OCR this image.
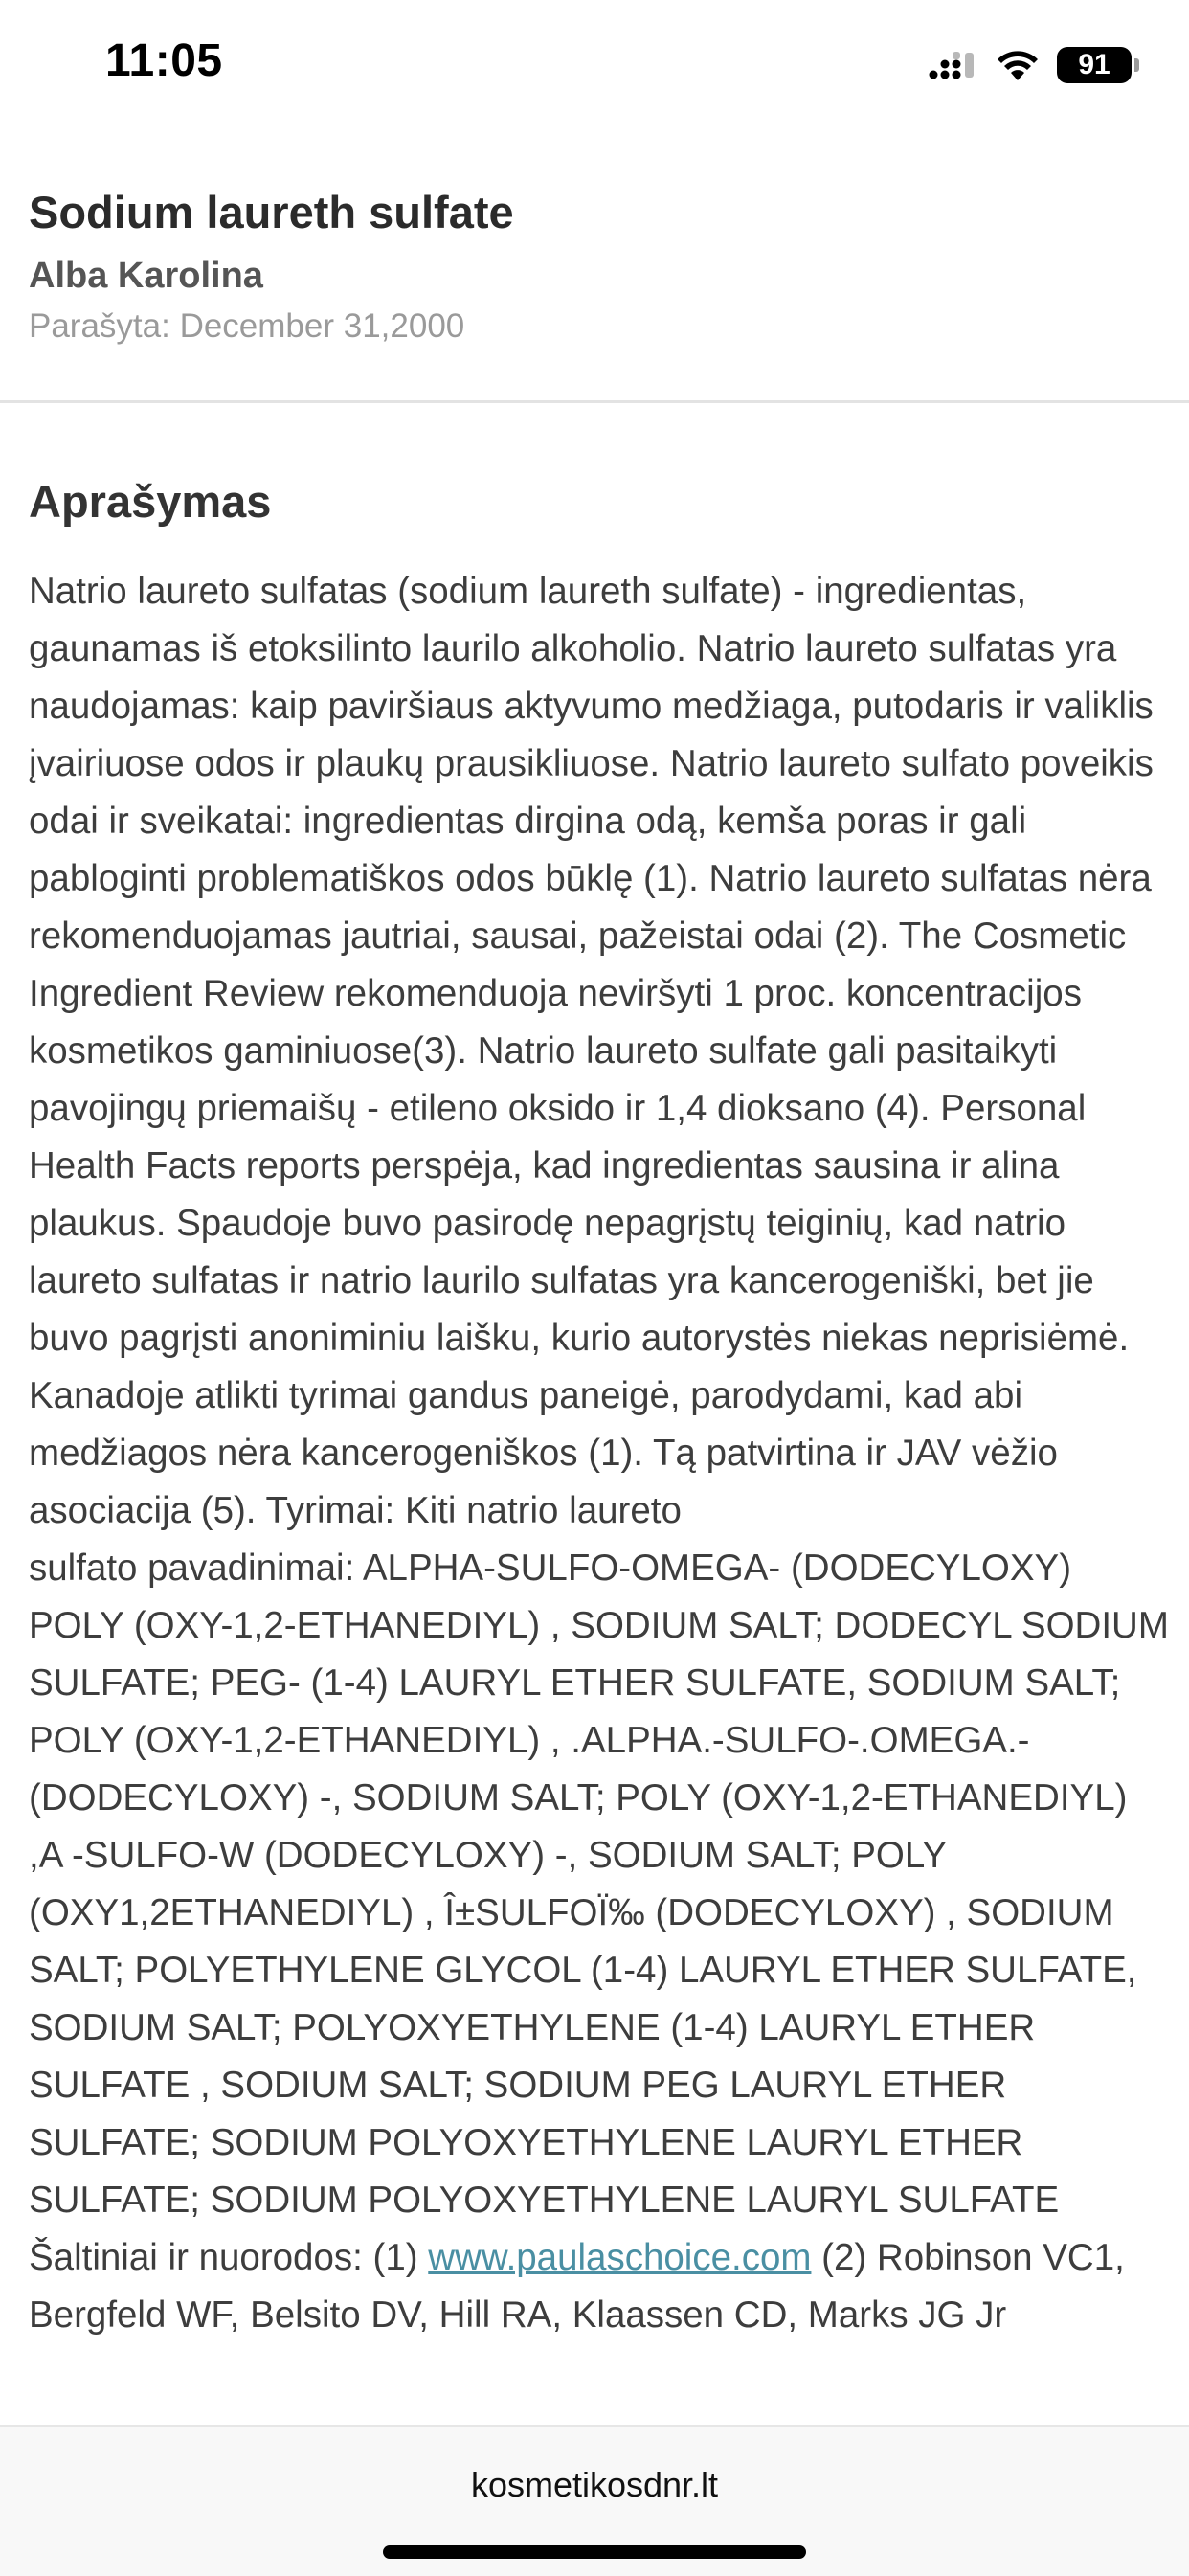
11:05	91
Sodium laureth sulfate
Alba Karolina
Parašyta: December 31,2000
Aprašymas

Natrio laureto sulfatas (sodium laureth sulfate) - ingredientas, gaunamas iš etoksilinto laurilo alkoholio. Natrio laureto sulfatas yra naudojamas: kaip paviršiaus aktyvumo medžiaga, putodaris ir valiklis įvairiuose odos ir plaukų prausikliuose. Natrio laureto sulfato poveikis odai ir sveikatai: ingredientas dirgina odą, kemša poras ir gali pabloginti problematiškos odos būklę (1). Natrio laureto sulfatas nėra rekomenduojamas jautriai, sausai, pažeistai odai (2). The Cosmetic Ingredient Review rekomenduoja neviršyti 1 proc. koncentracijos kosmetikos gaminiuose(3). Natrio laureto sulfate gali pasitaikyti pavojingų priemaišų - etileno oksido ir 1,4 dioksano (4). Personal Health Facts reports perspėja, kad ingredientas sausina ir alina plaukus. Spaudoje buvo pasirodę nepagrįstų teiginių, kad natrio laureto sulfatas ir natrio laurilo sulfatas yra kancerogeniški, bet jie buvo pagrįsti anoniminiu laišku, kurio autorystės niekas neprisiėmė. Kanadoje atlikti tyrimai gandus paneigė, parodydami, kad abi medžiagos nėra kancerogeniškos (1). Tą patvirtina ir JAV vėžio asociacija (5). Tyrimai: Kiti natrio laureto
sulfato pavadinimai: ALPHA-SULFO-OMEGA- (DODECYLOXY) POLY (OXY-1,2-ETHANEDIYL) , SODIUM SALT; DODECYL SODIUM SULFATE; PEG- (1-4) LAURYL ETHER SULFATE, SODIUM SALT; POLY (OXY-1,2-ETHANEDIYL) , .ALPHA.-SULFO-.OMEGA.- (DODECYLOXY) -, SODIUM SALT; POLY (OXY-1,2-ETHANEDIYL) ,A -SULFO-W (DODECYLOXY) -, SODIUM SALT; POLY (OXY1,2ETHANEDIYL) , Î±SULFOÏ‰ (DODECYLOXY) , SODIUM SALT; POLYETHYLENE GLYCOL (1-4) LAURYL ETHER SULFATE, SODIUM SALT; POLYOXYETHYLENE (1-4) LAURYL ETHER SULFATE , SODIUM SALT; SODIUM PEG LAURYL ETHER SULFATE; SODIUM POLYOXYETHYLENE LAURYL ETHER SULFATE; SODIUM POLYOXYETHYLENE LAURYL SULFATE Šaltiniai ir nuorodos: (1) www.paulaschoice.com (2) Robinson VC1, Bergfeld WF, Belsito DV, Hill RA, Klaassen CD, Marks JG Jr

kosmetikosdnr.lt
